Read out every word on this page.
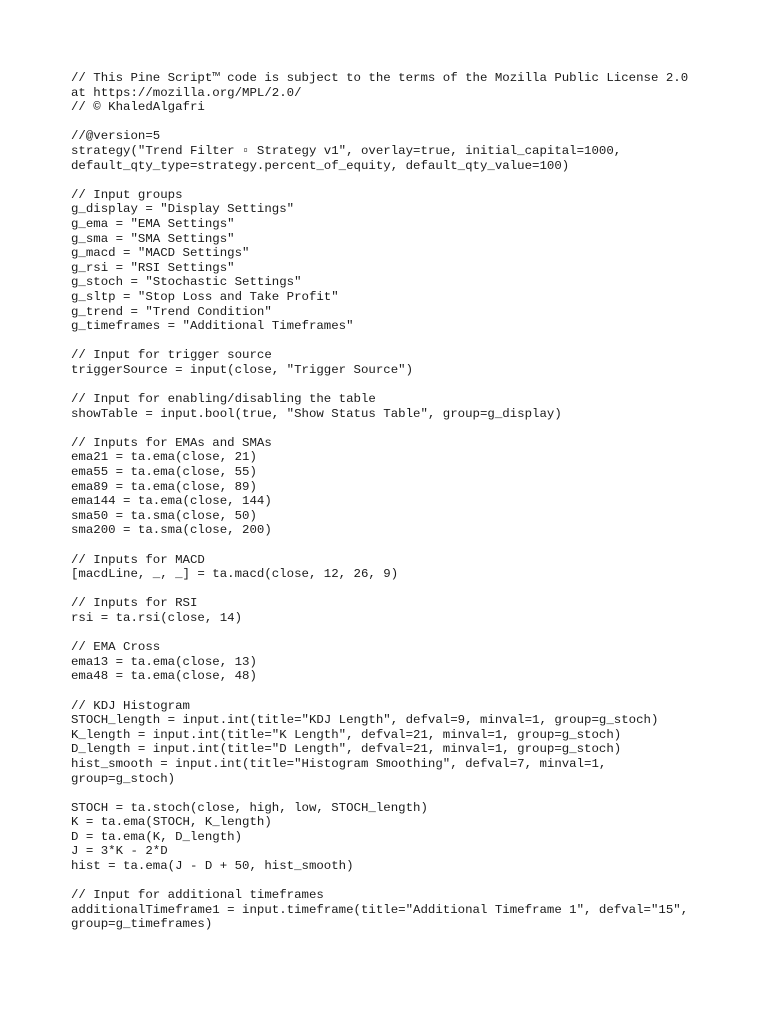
// This Pine Script™ code is subject to the terms of the Mozilla Public License 2.0
at https://mozilla.org/MPL/2.0/
// © KhaledAlgafri
//@version=5
strategy("Trend Filter ▫ Strategy v1", overlay=true, initial_capital=1000,
default_qty_type=strategy.percent_of_equity, default_qty_value=100)
// Input groups
g_display = "Display Settings"
g_ema = "EMA Settings"
g_sma = "SMA Settings"
g_macd = "MACD Settings"
g_rsi = "RSI Settings"
g_stoch = "Stochastic Settings"
g_sltp = "Stop Loss and Take Profit"
g_trend = "Trend Condition"
g_timeframes = "Additional Timeframes"
// Input for trigger source
triggerSource = input(close, "Trigger Source")
// Input for enabling/disabling the table
showTable = input.bool(true, "Show Status Table", group=g_display)
// Inputs for EMAs and SMAs
ema21 = ta.ema(close, 21)
ema55 = ta.ema(close, 55)
ema89 = ta.ema(close, 89)
ema144 = ta.ema(close, 144)
sma50 = ta.sma(close, 50)
sma200 = ta.sma(close, 200)
// Inputs for MACD
[macdLine, _, _] = ta.macd(close, 12, 26, 9)
// Inputs for RSI
rsi = ta.rsi(close, 14)
// EMA Cross
ema13 = ta.ema(close, 13)
ema48 = ta.ema(close, 48)
// KDJ Histogram
STOCH_length = input.int(title="KDJ Length", defval=9, minval=1, group=g_stoch)
K_length = input.int(title="K Length", defval=21, minval=1, group=g_stoch)
D_length = input.int(title="D Length", defval=21, minval=1, group=g_stoch)
hist_smooth = input.int(title="Histogram Smoothing", defval=7, minval=1,
group=g_stoch)
STOCH = ta.stoch(close, high, low, STOCH_length)
K = ta.ema(STOCH, K_length)
D = ta.ema(K, D_length)
J = 3*K - 2*D
hist = ta.ema(J - D + 50, hist_smooth)
// Input for additional timeframes
additionalTimeframe1 = input.timeframe(title="Additional Timeframe 1", defval="15",
group=g_timeframes)
